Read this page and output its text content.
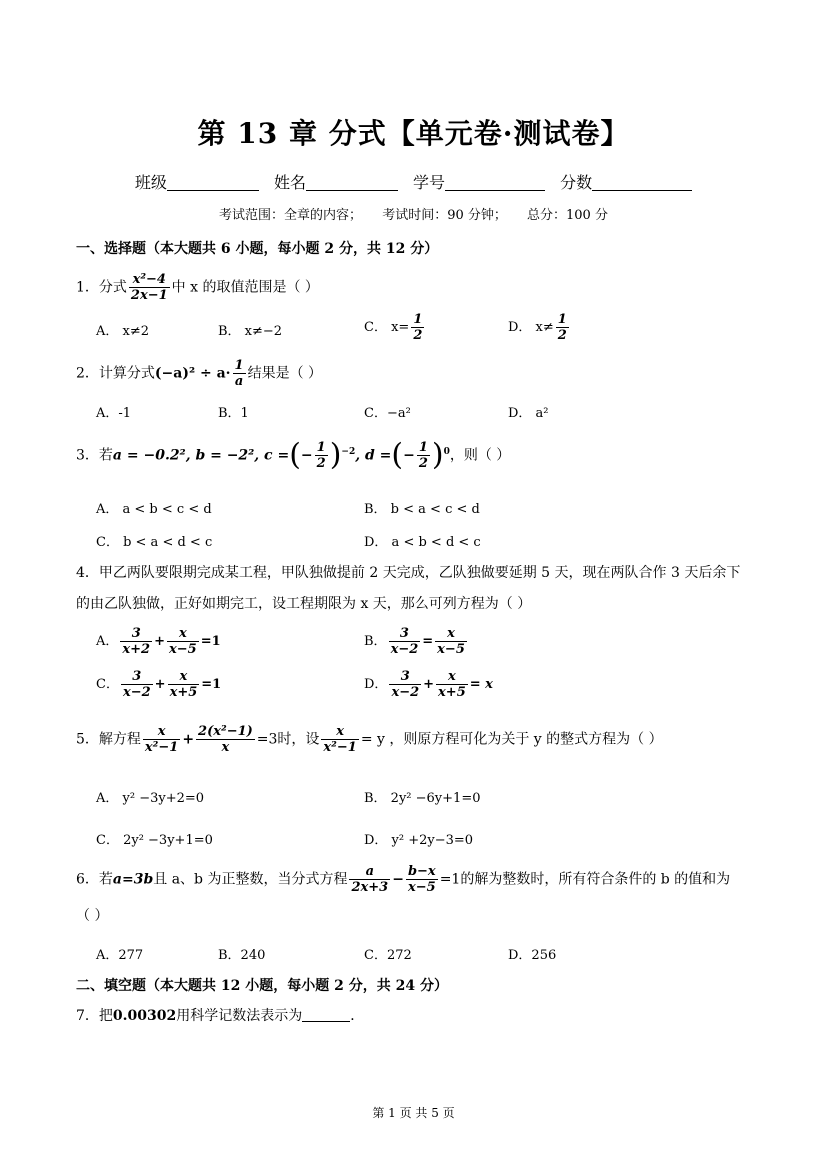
第 13 章 分式【单元卷·测试卷】
班级	姓名	学号	分数
考试范围：全章的内容； 考试时间：90 分钟； 总分：100 分
一、选择题（本大题共 6 小题，每小题 2 分，共 12 分）
1．分式 $\frac{\text{x²−4}}{2x-1}$ 中 x 的取值范围是（ ）
A． x≠2	B． x≠−2	C． $x= \frac{1}{2}$	D． $x\ne \frac{1}{2}$
2．计算分式$(-a)^2 \div a\cdot \frac{1}{a}$ 结果是（ ）
A．-1	B．1	C．−a²	D． a²
3．若a = −0.2², b = −2², c =(− $\frac{1}{2} )^{-2}$, d =(− $\frac{1}{2} )^0$，则（ ）
A． a < b < c < d	B． b < a < c < d
C． b < a < d < c	D． a < b < d < c
4．甲乙两队要限期完成某工程，甲队独做提前 2 天完成，乙队独做要延期 5 天，现在两队合作 3 天后余下
的由乙队独做，正好如期完工，设工程期限为 x 天，那么可列方程为（ ）
A． $\frac{3}{x+2} + \frac{x}{x-5} =1$	B． $\frac{3}{x-2} = \frac{x}{x-5}$
C． $\frac{3}{x-2} + \frac{x}{x+5} =1$	D． $\frac{3}{x-2} + \frac{x}{x+5} = x$
5．解方程 $\frac{x}{\text{x²−1}} + \frac{\text{2(x²−1)}}{x} =3$时，设 $\frac{x}{\text{x²−1}} = y$ ，则原方程可化为关于 y 的整式方程为（ ）
A． y² −3y+2=0	B． 2y² −6y+1=0
C． 2y² −3y+1=0	D． y² +2y−3=0
6．若a=3b且 a、b 为正整数，当分式方程 $\frac{a}{2x+3} - \frac{b-x}{x-5} =1$的解为整数时，所有符合条件的 b 的值和为
（ ）
A．277	B．240	C．272	D．256
二、填空题（本大题共 12 小题，每小题 2 分，共 24 分）
7．把0.00302用科学记数法表示为	．
第 1 页 共 5 页
